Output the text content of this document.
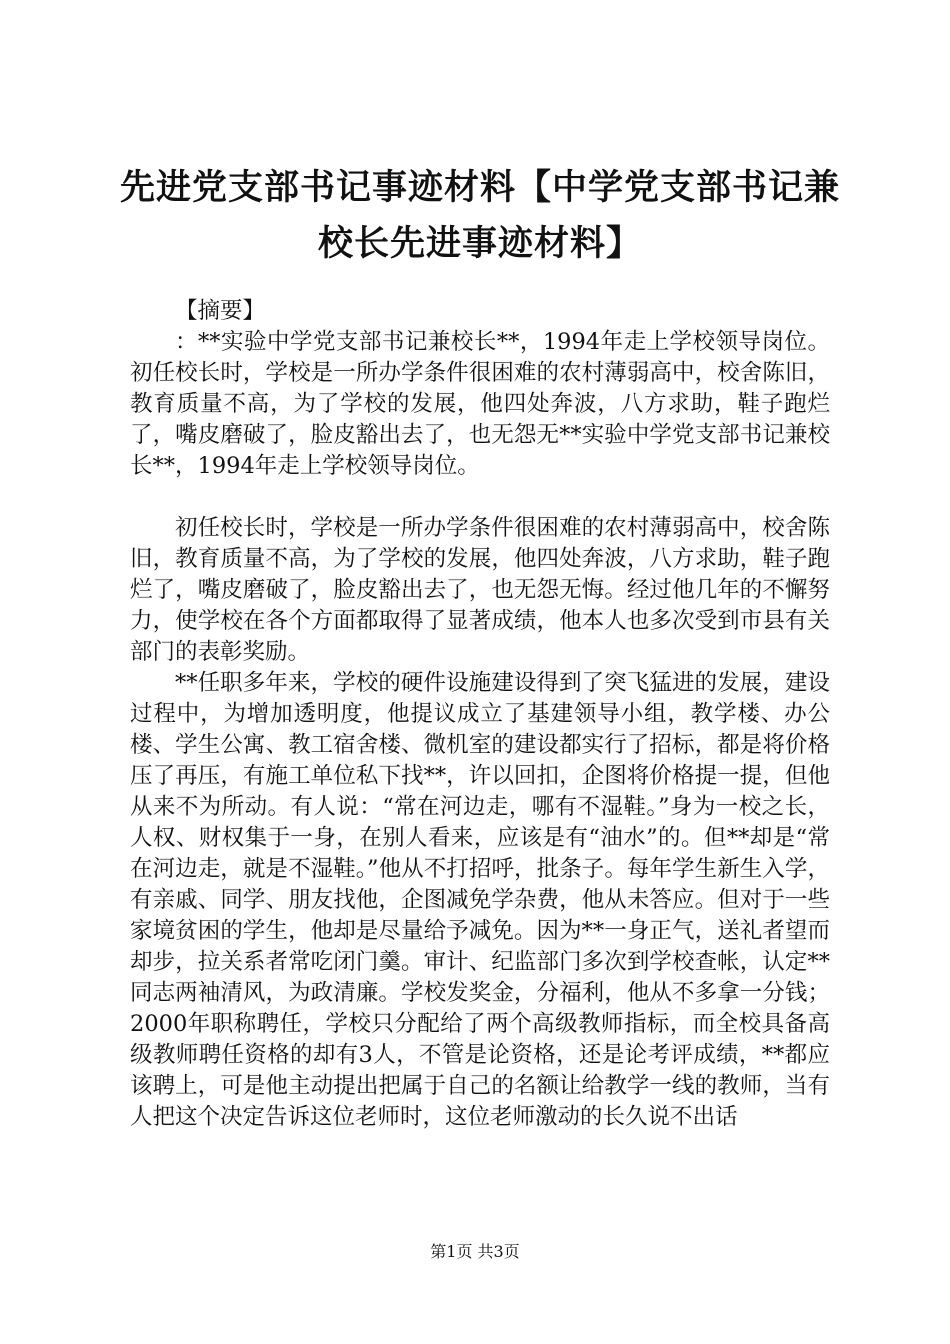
先进党支部书记事迹材料【中学党支部书记兼校长先进事迹材料】

【摘要】

：**实验中学党支部书记兼校长**，1994年走上学校领导岗位。初任校长时，学校是一所办学条件很困难的农村薄弱高中，校舍陈旧，教育质量不高，为了学校的发展，他四处奔波，八方求助，鞋子跑烂了，嘴皮磨破了，脸皮豁出去了，也无怨无**实验中学党支部书记兼校长**，1994年走上学校领导岗位。

初任校长时，学校是一所办学条件很困难的农村薄弱高中，校舍陈旧，教育质量不高，为了学校的发展，他四处奔波，八方求助，鞋子跑烂了，嘴皮磨破了，脸皮豁出去了，也无怨无悔。经过他几年的不懈努力，使学校在各个方面都取得了显著成绩，他本人也多次受到市县有关部门的表彰奖励。

**任职多年来，学校的硬件设施建设得到了突飞猛进的发展，建设过程中，为增加透明度，他提议成立了基建领导小组，教学楼、办公楼、学生公寓、教工宿舍楼、微机室的建设都实行了招标，都是将价格压了再压，有施工单位私下找**，许以回扣，企图将价格提一提，但他从来不为所动。有人说：“常在河边走，哪有不湿鞋。”身为一校之长，人权、财权集于一身，在别人看来，应该是有“油水”的。但**却是“常在河边走，就是不湿鞋。”他从不打招呼，批条子。每年学生新生入学，有亲戚、同学、朋友找他，企图减免学杂费，他从未答应。但对于一些家境贫困的学生，他却是尽量给予减免。因为**一身正气，送礼者望而却步，拉关系者常吃闭门羹。审计、纪监部门多次到学校查帐，认定**同志两袖清风，为政清廉。学校发奖金，分福利，他从不多拿一分钱；2000年职称聘任，学校只分配给了两个高级教师指标，而全校具备高级教师聘任资格的却有3人，不管是论资格，还是论考评成绩，**都应该聘上，可是他主动提出把属于自己的名额让给教学一线的教师，当有人把这个决定告诉这位老师时，这位老师激动的长久说不出话

第1页 共3页
